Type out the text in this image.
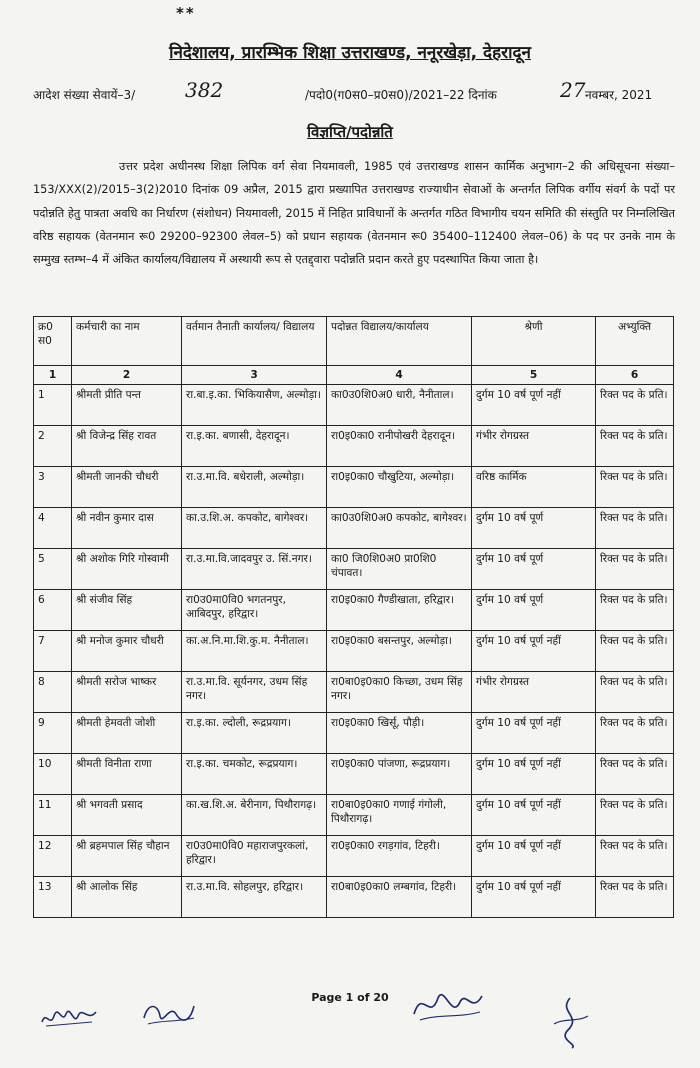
**
निदेशालय, प्रारम्भिक शिक्षा उत्तराखण्ड, ननूरखेड़ा, देहरादून
आदेश संख्या सेवायें–3/ 382	/पदो0(ग0स0–प्र0स0)/2021–22 दिनांक	27 नवम्बर, 2021
विज्ञप्ति/पदोन्नति

उत्तर प्रदेश अधीनस्थ शिक्षा लिपिक वर्ग सेवा नियमावली, 1985 एवं उत्तराखण्ड शासन कार्मिक अनुभाग–2 की अधिसूचना संख्या–153/XXX(2)/2015–3(2)2010 दिनांक 09 अप्रैल, 2015 द्वारा प्रख्यापित उत्तराखण्ड राज्याधीन सेवाओं के अन्तर्गत लिपिक वर्गीय संवर्ग के पदों पर पदोन्नति हेतु पात्रता अवधि का निर्धारण (संशोधन) नियमावली, 2015 में निहित प्राविधानों के अन्तर्गत गठित विभागीय चयन समिति की संस्तुति पर निम्नलिखित वरिष्ठ सहायक (वेतनमान रू0 29200–92300 लेवल–5) को प्रधान सहायक (वेतनमान रू0 35400–112400 लेवल–06) के पद पर उनके नाम के सम्मुख स्तम्भ–4 में अंकित कार्यालय/विद्यालय में अस्थायी रूप से एतद्द्वारा पदोन्नति प्रदान करते हुए पदस्थापित किया जाता है।

क्र0 स0	कर्मचारी का नाम	वर्तमान तैनाती कार्यालय/ विद्यालय	पदोन्नत विद्यालय/कार्यालय	श्रेणी	अभ्युक्ति
1	2	3	4	5	6
1	श्रीमती प्रीति पन्त	रा.बा.इ.का. भिकियासैण, अल्मोड़ा।	का0उ0शि0अ0 धारी, नैनीताल।	दुर्गम 10 वर्ष पूर्ण नहीं	रिक्त पद के प्रति।
2	श्री विजेन्द्र सिंह रावत	रा.इ.का. बणासी, देहरादून।	रा0इ0का0 रानीपोखरी देहरादून।	गंभीर रोगग्रस्त	रिक्त पद के प्रति।
3	श्रीमती जानकी चौधरी	रा.उ.मा.वि. बधेराली, अल्मोड़ा।	रा0इ0का0 चौखुटिया, अल्मोड़ा।	वरिष्ठ कार्मिक	रिक्त पद के प्रति।
4	श्री नवीन कुमार दास	का.उ.शि.अ. कपकोट, बागेश्वर।	का0उ0शि0अ0 कपकोट, बागेश्वर।	दुर्गम 10 वर्ष पूर्ण	रिक्त पद के प्रति।
5	श्री अशोक गिरि गोस्वामी	रा.उ.मा.वि.जादवपुर उ. सिं.नगर।	का0 जि0शि0अ0 प्रा0शि0 चंपावत।	दुर्गम 10 वर्ष पूर्ण	रिक्त पद के प्रति।
6	श्री संजीव सिंह	रा0उ0मा0वि0 भगतनपुर, आबिदपुर, हरिद्वार।	रा0इ0का0 गैण्डीखाता, हरिद्वार।	दुर्गम 10 वर्ष पूर्ण	रिक्त पद के प्रति।
7	श्री मनोज कुमार चौधरी	का.अ.नि.मा.शि.कु.म. नैनीताल।	रा0इ0का0 बसन्तपुर, अल्मोड़ा।	दुर्गम 10 वर्ष पूर्ण नहीं	रिक्त पद के प्रति।
8	श्रीमती सरोज भाष्कर	रा.उ.मा.वि. सूर्यनगर, उधम सिंह नगर।	रा0बा0इ0का0 किच्छा, उधम सिंह नगर।	गंभीर रोगग्रस्त	रिक्त पद के प्रति।
9	श्रीमती हेमवती जोशी	रा.इ.का. ल्दोली, रूद्रप्रयाग।	रा0इ0का0 खिर्सू, पौड़ी।	दुर्गम 10 वर्ष पूर्ण नहीं	रिक्त पद के प्रति।
10	श्रीमती विनीता राणा	रा.इ.का. चमकोट, रूद्रप्रयाग।	रा0इ0का0 पांजणा, रूद्रप्रयाग।	दुर्गम 10 वर्ष पूर्ण नहीं	रिक्त पद के प्रति।
11	श्री भगवती प्रसाद	का.ख.शि.अ. बेरीनाग, पिथौरागढ़।	रा0बा0इ0का0 गणाई गंगोली, पिथौरागढ़।	दुर्गम 10 वर्ष पूर्ण नहीं	रिक्त पद के प्रति।
12	श्री ब्रहमपाल सिंह चौहान	रा0उ0मा0वि0 महाराजपुरकलां, हरिद्वार।	रा0इ0का0 रगड़गांव, टिहरी।	दुर्गम 10 वर्ष पूर्ण नहीं	रिक्त पद के प्रति।
13	श्री आलोक सिंह	रा.उ.मा.वि. सोहलपुर, हरिद्वार।	रा0बा0इ0का0 लम्बगांव, टिहरी।	दुर्गम 10 वर्ष पूर्ण नहीं	रिक्त पद के प्रति।
Page 1 of 20
